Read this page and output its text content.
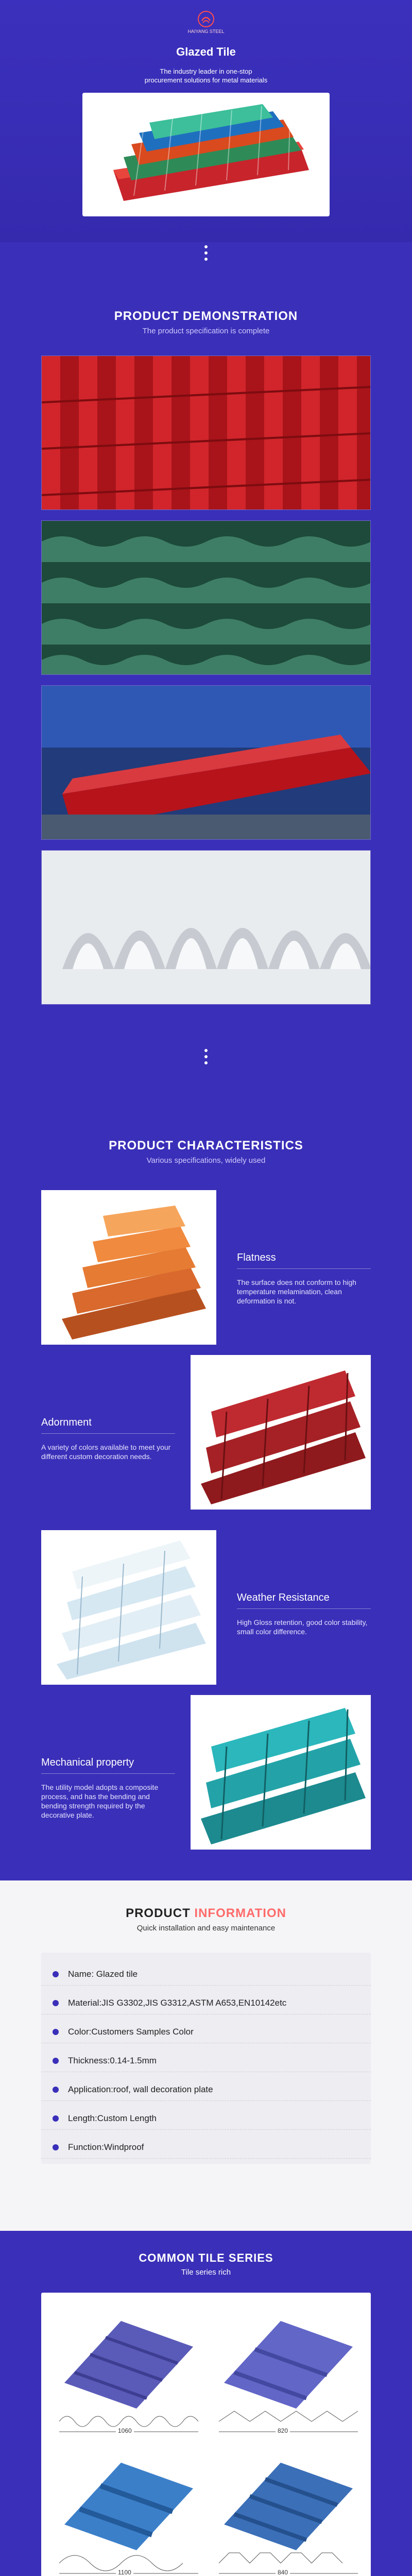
HAIYANG STEEL
Glazed Tile
The industry leader in one-stop
procurement solutions for metal materials
PRODUCT DEMONSTRATION
The product specification is complete
PRODUCT CHARACTERISTICS
Various specifications, widely used
Flatness
The surface does not conform to high temperature melamination, clean deformation is not.
Adornment
A variety of colors available to meet your different custom decoration needs.
Weather Resistance
High Gloss retention, good color stability, small color difference.
Mechanical property
The utility model adopts a composite process, and has the bending and bending strength required by the decorative plate.
PRODUCT INFORMATION
Quick installation and easy maintenance
Name: Glazed tile
Material:JIS G3302,JIS G3312,ASTM A653,EN10142etc
Color:Customers Samples Color
Thickness:0.14-1.5mm
Application:roof, wall decoration plate
Length:Custom Length
Function:Windproof
COMMON TILE SERIES
Tile series rich
1060	820
1100	840
